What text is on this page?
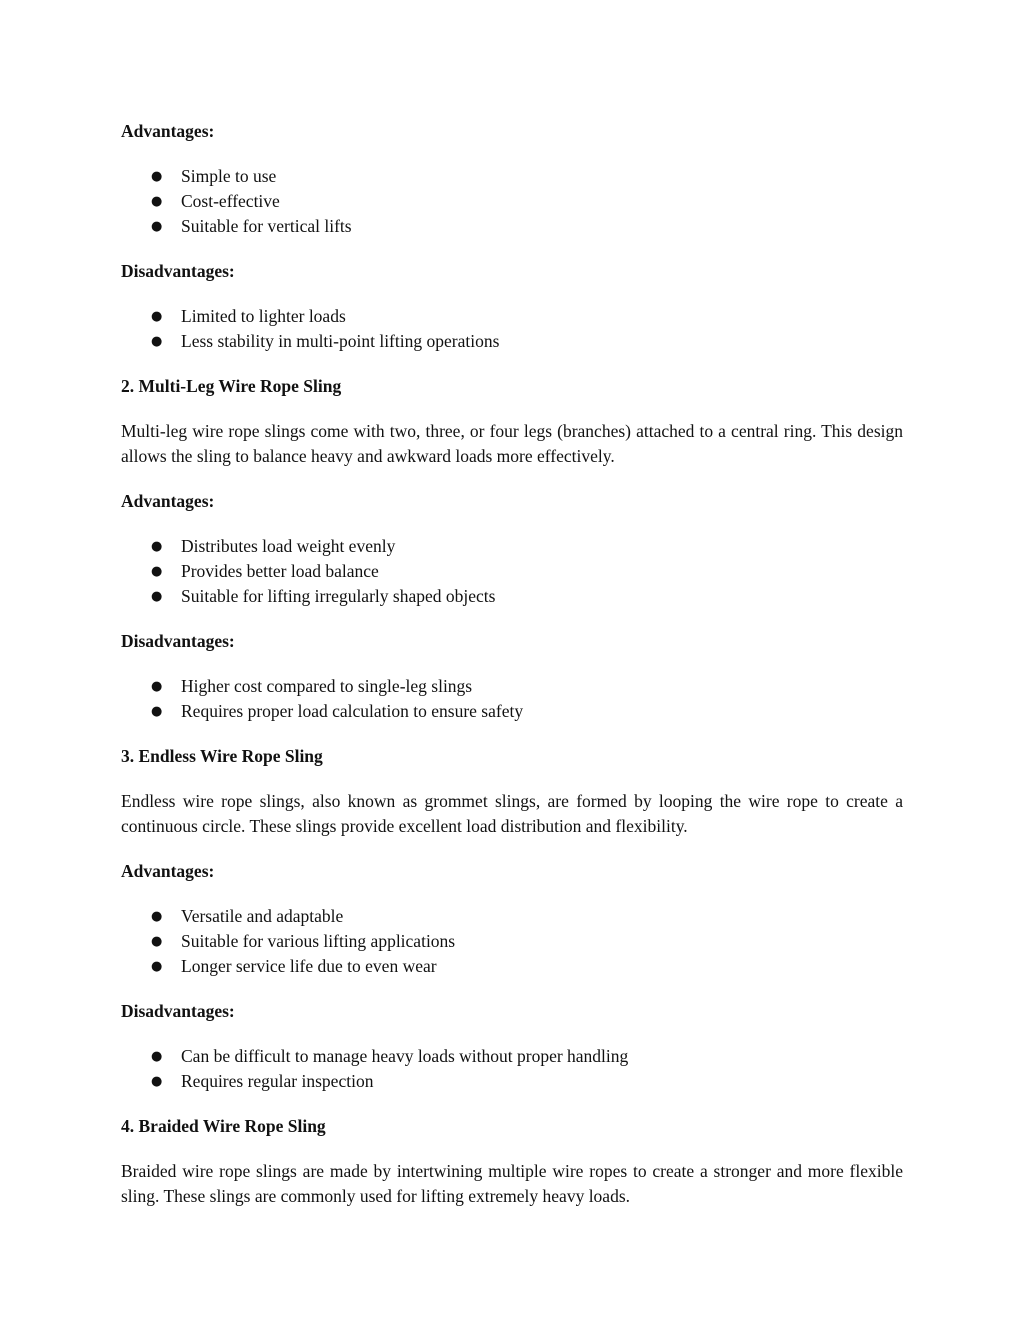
Advantages:
● Simple to use
● Cost-effective
● Suitable for vertical lifts
Disadvantages:
● Limited to lighter loads
● Less stability in multi-point lifting operations
2. Multi-Leg Wire Rope Sling
Multi-leg wire rope slings come with two, three, or four legs (branches) attached to a central ring. This design allows the sling to balance heavy and awkward loads more effectively.
Advantages:
● Distributes load weight evenly
● Provides better load balance
● Suitable for lifting irregularly shaped objects
Disadvantages:
● Higher cost compared to single-leg slings
● Requires proper load calculation to ensure safety
3. Endless Wire Rope Sling
Endless wire rope slings, also known as grommet slings, are formed by looping the wire rope to create a continuous circle. These slings provide excellent load distribution and flexibility.
Advantages:
● Versatile and adaptable
● Suitable for various lifting applications
● Longer service life due to even wear
Disadvantages:
● Can be difficult to manage heavy loads without proper handling
● Requires regular inspection
4. Braided Wire Rope Sling
Braided wire rope slings are made by intertwining multiple wire ropes to create a stronger and more flexible sling. These slings are commonly used for lifting extremely heavy loads.
